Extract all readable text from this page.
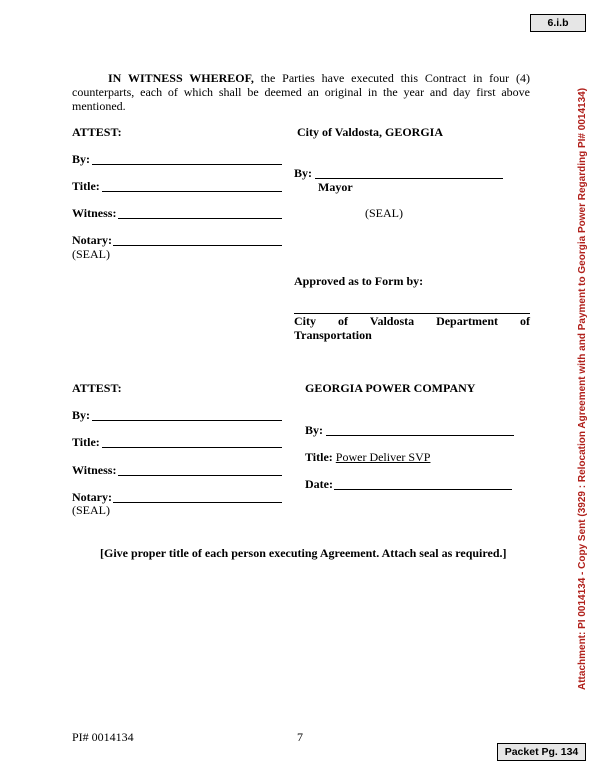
6.i.b
IN WITNESS WHEREOF, the Parties have executed this Contract in four (4) counterparts, each of which shall be deemed an original in the year and day first above mentioned.
ATTEST:
By:
Title:
Witness:
Notary:
(SEAL)
City of Valdosta, GEORGIA
By:
Mayor
(SEAL)
Approved as to Form by:
City of Valdosta Department of
Transportation
ATTEST:
By:
Title:
Witness:
Notary:
(SEAL)
GEORGIA POWER COMPANY
By:
Title: Power Deliver SVP
Date:
[Give proper title of each person executing Agreement. Attach seal as required.]
PI# 0014134	7
Packet Pg. 134
Attachment: PI 0014134 - Copy Sent (3929 : Relocation Agreement with and Payment to Georgia Power Regarding PI# 0014134)
